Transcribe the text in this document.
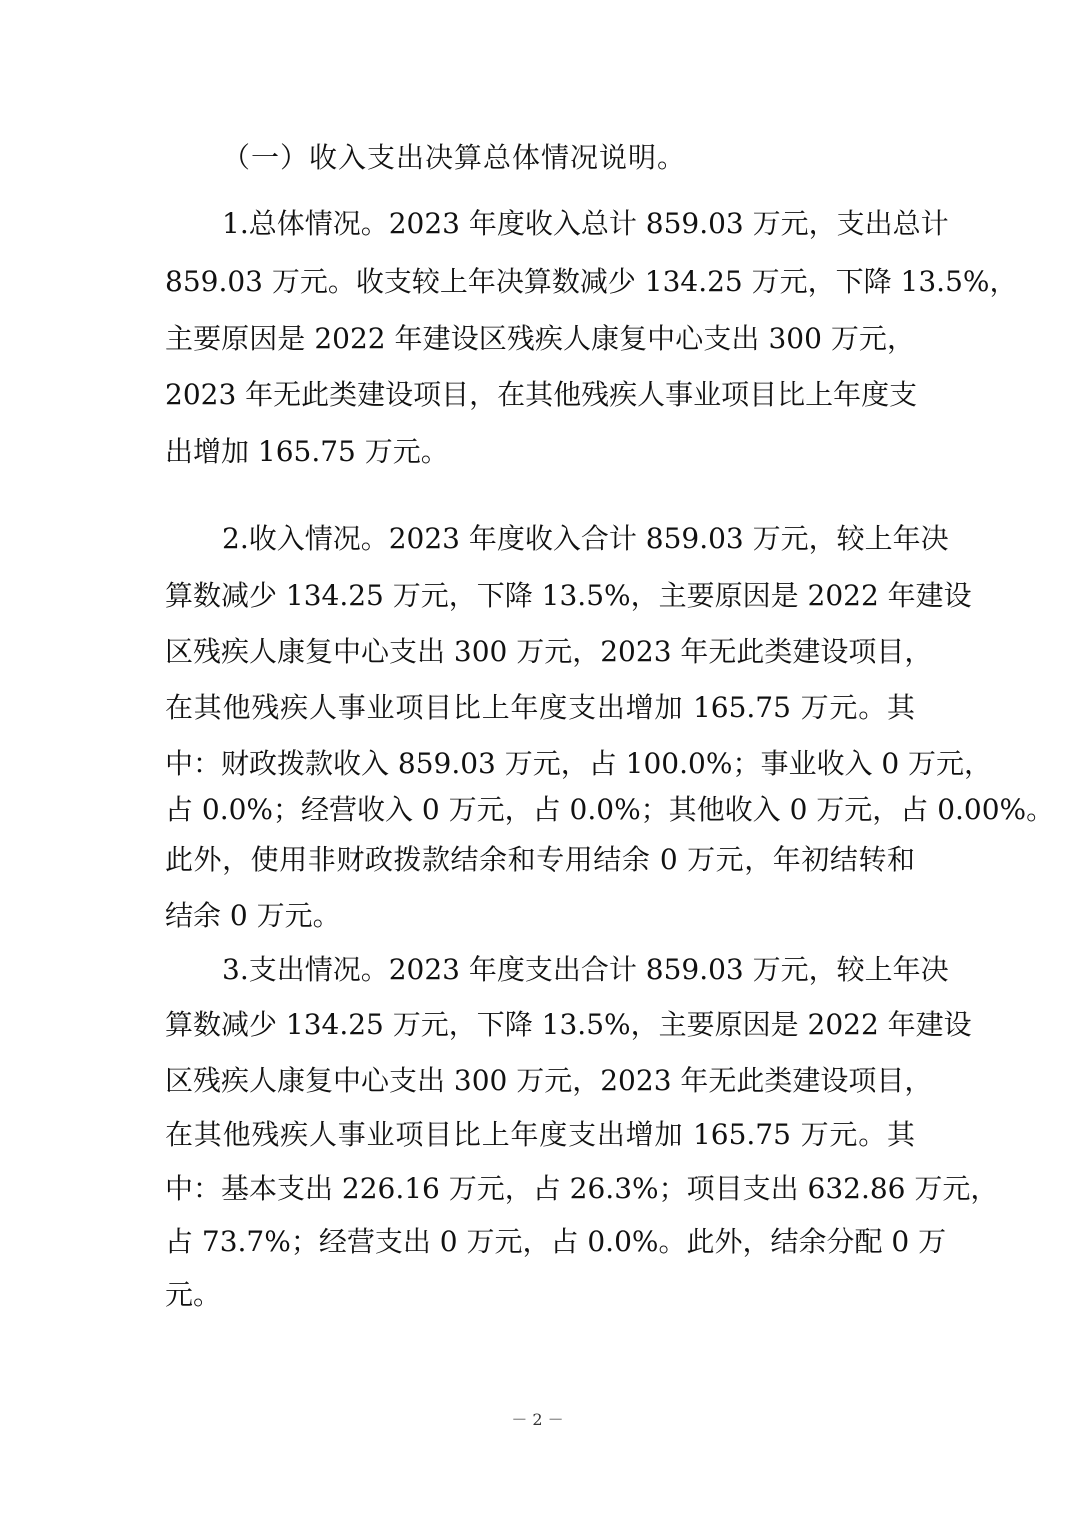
（一）收入支出决算总体情况说明。
1.总体情况。2023 年度收入总计 859.03 万元，支出总计
859.03 万元。收支较上年决算数减少 134.25 万元，下降 13.5%，
主要原因是 2022 年建设区残疾人康复中心支出 300 万元，
2023 年无此类建设项目，在其他残疾人事业项目比上年度支
出增加 165.75 万元。
2.收入情况。2023 年度收入合计 859.03 万元，较上年决
算数减少 134.25 万元，下降 13.5%，主要原因是 2022 年建设
区残疾人康复中心支出 300 万元，2023 年无此类建设项目，
在其他残疾人事业项目比上年度支出增加 165.75 万元。其
中：财政拨款收入 859.03 万元，占 100.0%；事业收入 0 万元，
占 0.0%；经营收入 0 万元，占 0.0%；其他收入 0 万元，占 0.00%。
此外，使用非财政拨款结余和专用结余 0 万元，年初结转和
结余 0 万元。
3.支出情况。2023 年度支出合计 859.03 万元，较上年决
算数减少 134.25 万元，下降 13.5%，主要原因是 2022 年建设
区残疾人康复中心支出 300 万元，2023 年无此类建设项目，
在其他残疾人事业项目比上年度支出增加 165.75 万元。其
中：基本支出 226.16 万元，占 26.3%；项目支出 632.86 万元，
占 73.7%；经营支出 0 万元，占 0.0%。此外，结余分配 0 万
元。
－ 2 －
